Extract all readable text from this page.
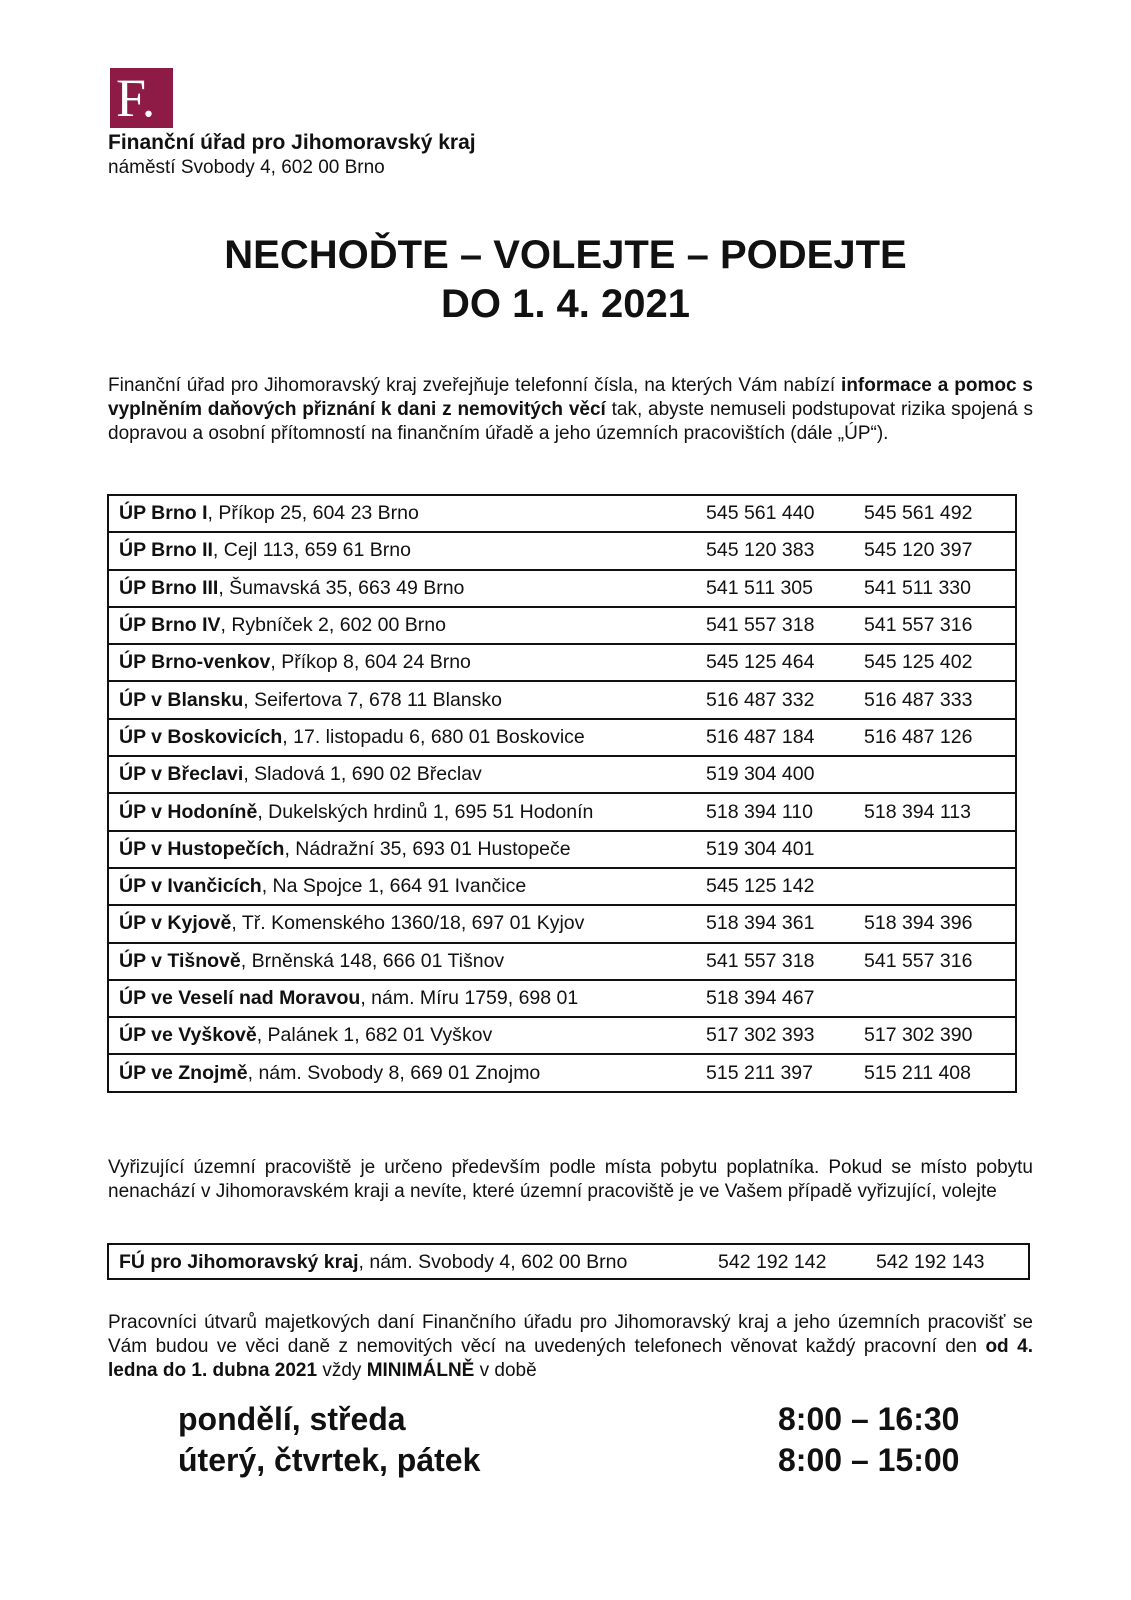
F.
Finanční úřad pro Jihomoravský kraj
náměstí Svobody 4, 602 00 Brno
NECHOĎTE – VOLEJTE – PODEJTE
DO 1. 4. 2021
Finanční úřad pro Jihomoravský kraj zveřejňuje telefonní čísla, na kterých Vám nabízí informace a pomoc s vyplněním daňových přiznání k dani z nemovitých věcí tak, abyste nemuseli podstupovat rizika spojená s dopravou a osobní přítomností na finančním úřadě a jeho územních pracovištích (dále „ÚP“).
ÚP Brno I, Příkop 25, 604 23 Brno	545 561 440	545 561 492
ÚP Brno II, Cejl 113, 659 61 Brno	545 120 383	545 120 397
ÚP Brno III, Šumavská 35, 663 49 Brno	541 511 305	541 511 330
ÚP Brno IV, Rybníček 2, 602 00 Brno	541 557 318	541 557 316
ÚP Brno-venkov, Příkop 8, 604 24 Brno	545 125 464	545 125 402
ÚP v Blansku, Seifertova 7, 678 11 Blansko	516 487 332	516 487 333
ÚP v Boskovicích, 17. listopadu 6, 680 01 Boskovice	516 487 184	516 487 126
ÚP v Břeclavi, Sladová 1, 690 02 Břeclav	519 304 400	
ÚP v Hodoníně, Dukelských hrdinů 1, 695 51 Hodonín	518 394 110	518 394 113
ÚP v Hustopečích, Nádražní 35, 693 01 Hustopeče	519 304 401	
ÚP v Ivančicích, Na Spojce 1, 664 91 Ivančice	545 125 142	
ÚP v Kyjově, Tř. Komenského 1360/18, 697 01 Kyjov	518 394 361	518 394 396
ÚP v Tišnově, Brněnská 148, 666 01 Tišnov	541 557 318	541 557 316
ÚP ve Veselí nad Moravou, nám. Míru 1759, 698 01	518 394 467	
ÚP ve Vyškově, Palánek 1, 682 01 Vyškov	517 302 393	517 302 390
ÚP ve Znojmě, nám. Svobody 8, 669 01 Znojmo	515 211 397	515 211 408
Vyřizující územní pracoviště je určeno především podle místa pobytu poplatníka. Pokud se místo pobytu nenachází v Jihomoravském kraji a nevíte, které územní pracoviště je ve Vašem případě vyřizující, volejte
FÚ pro Jihomoravský kraj, nám. Svobody 4, 602 00 Brno	542 192 142	542 192 143
Pracovníci útvarů majetkových daní Finančního úřadu pro Jihomoravský kraj a jeho územních pracovišť se Vám budou ve věci daně z nemovitých věcí na uvedených telefonech věnovat každý pracovní den od 4. ledna do 1. dubna 2021 vždy MINIMÁLNĚ v době
pondělí, středa	8:00 – 16:30
úterý, čtvrtek, pátek	8:00 – 15:00
